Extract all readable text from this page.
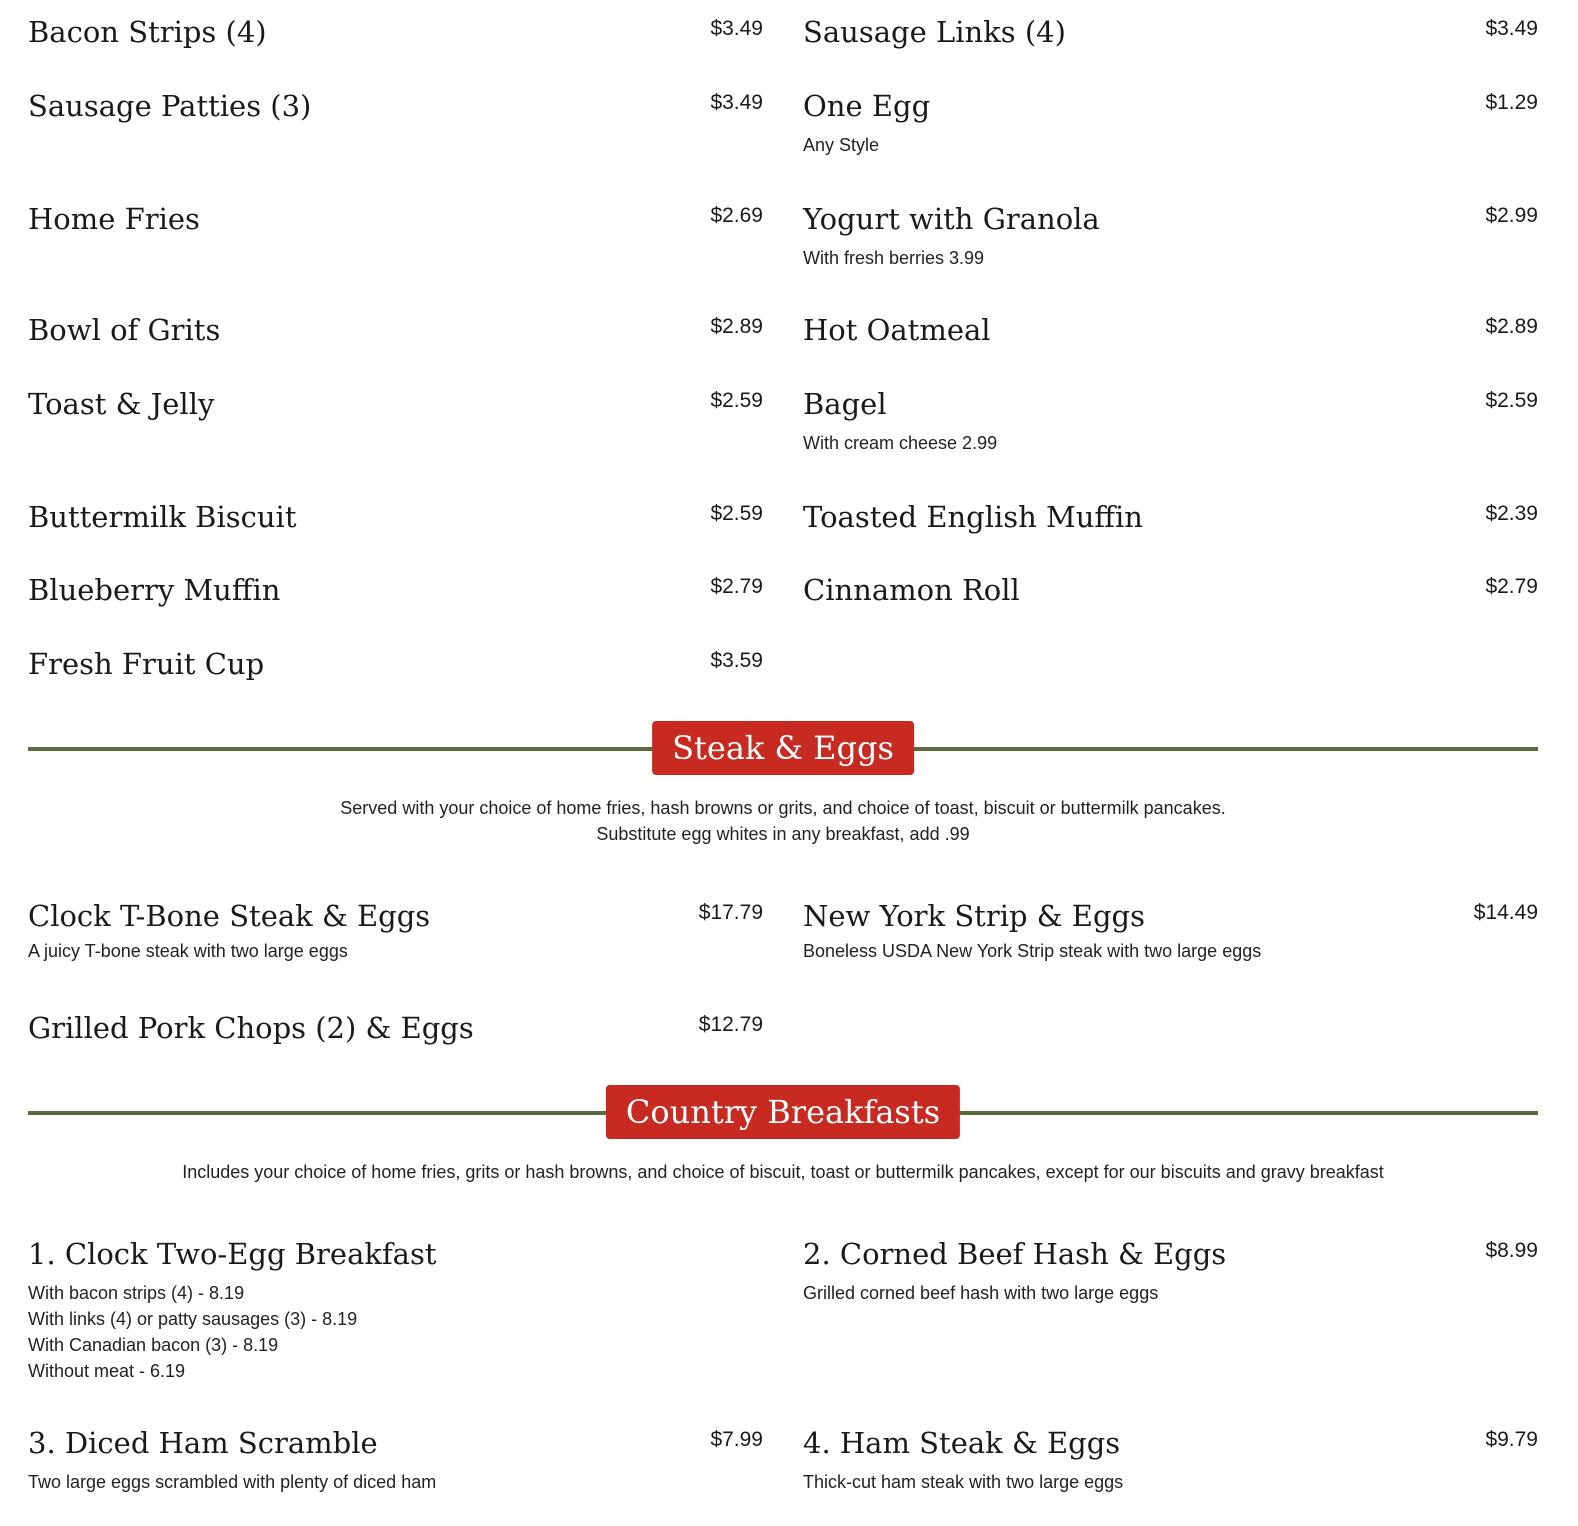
Bacon Strips (4)	$3.49
Sausage Patties (3)	$3.49
Home Fries	$2.69
Bowl of Grits	$2.89
Toast & Jelly	$2.59
Buttermilk Biscuit	$2.59
Blueberry Muffin	$2.79
Fresh Fruit Cup	$3.59
Sausage Links (4)	$3.49
One Egg	$1.29
Any Style
Yogurt with Granola	$2.99
With fresh berries 3.99
Hot Oatmeal	$2.89
Bagel	$2.59
With cream cheese 2.99
Toasted English Muffin	$2.39
Cinnamon Roll	$2.79
Steak & Eggs
Served with your choice of home fries, hash browns or grits, and choice of toast, biscuit or buttermilk pancakes.
Substitute egg whites in any breakfast, add .99
Clock T-Bone Steak & Eggs	$17.79
A juicy T-bone steak with two large eggs
New York Strip & Eggs	$14.49
Boneless USDA New York Strip steak with two large eggs
Grilled Pork Chops (2) & Eggs	$12.79
Country Breakfasts
Includes your choice of home fries, grits or hash browns, and choice of biscuit, toast or buttermilk pancakes, except for our biscuits and gravy breakfast
1. Clock Two-Egg Breakfast
With bacon strips (4) - 8.19
With links (4) or patty sausages (3) - 8.19
With Canadian bacon (3) - 8.19
Without meat - 6.19
2. Corned Beef Hash & Eggs	$8.99
Grilled corned beef hash with two large eggs
3. Diced Ham Scramble	$7.99
Two large eggs scrambled with plenty of diced ham
4. Ham Steak & Eggs	$9.79
Thick-cut ham steak with two large eggs
